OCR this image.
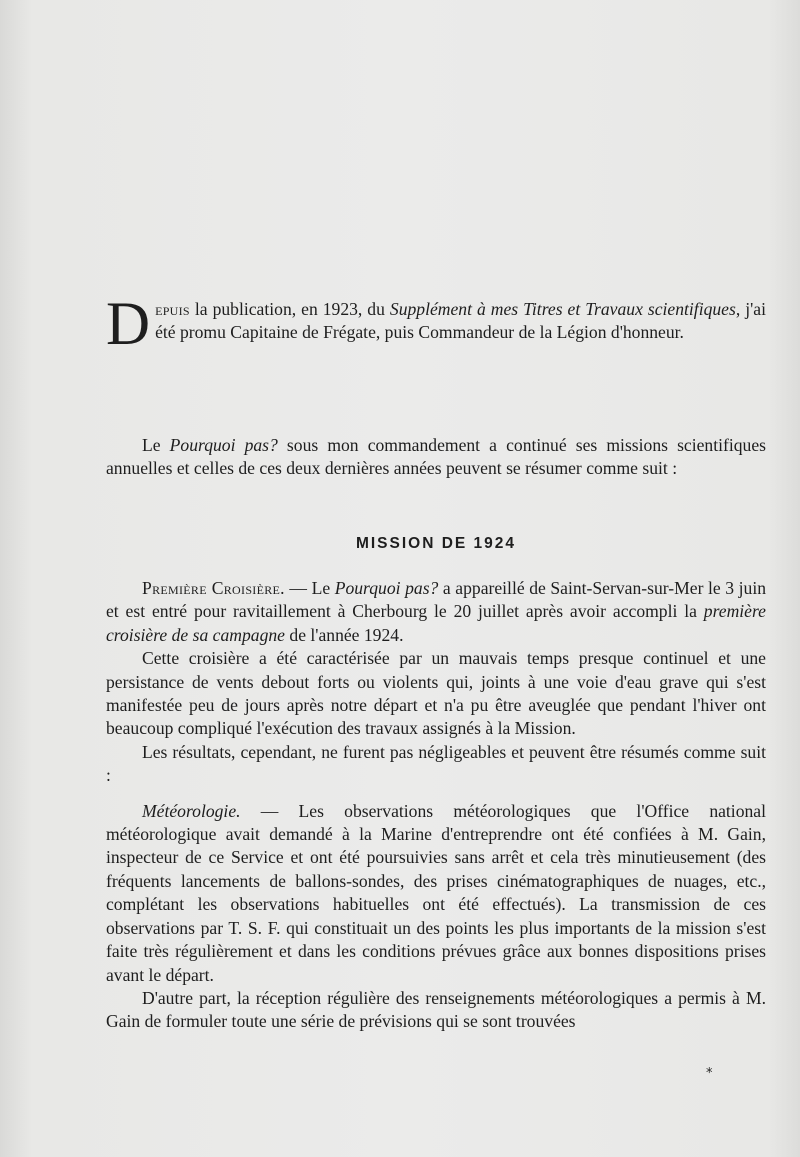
Depuis la publication, en 1923, du Supplément à mes Titres et Travaux scientifiques, j'ai été promu Capitaine de Frégate, puis Commandeur de la Légion d'honneur.

Le Pourquoi pas? sous mon commandement a continué ses missions scientifiques annuelles et celles de ces deux dernières années peuvent se résumer comme suit :

MISSION DE 1924

Première Croisière. — Le Pourquoi pas? a appareillé de Saint-Servan-sur-Mer le 3 juin et est entré pour ravitaillement à Cherbourg le 20 juillet après avoir accompli la première croisière de sa campagne de l'année 1924.

Cette croisière a été caractérisée par un mauvais temps presque continuel et une persistance de vents debout forts ou violents qui, joints à une voie d'eau grave qui s'est manifestée peu de jours après notre départ et n'a pu être aveuglée que pendant l'hiver ont beaucoup compliqué l'exécution des travaux assignés à la Mission.

Les résultats, cependant, ne furent pas négligeables et peuvent être résumés comme suit :

Météorologie. — Les observations météorologiques que l'Office national météorologique avait demandé à la Marine d'entreprendre ont été confiées à M. Gain, inspecteur de ce Service et ont été poursuivies sans arrêt et cela très minutieusement (des fréquents lancements de ballons-sondes, des prises cinématographiques de nuages, etc., complétant les observations habituelles ont été effectués). La transmission de ces observations par T. S. F. qui constituait un des points les plus importants de la mission s'est faite très régulièrement et dans les conditions prévues grâce aux bonnes dispositions prises avant le départ.

D'autre part, la réception régulière des renseignements météorologiques a permis à M. Gain de formuler toute une série de prévisions qui se sont trouvées

*
